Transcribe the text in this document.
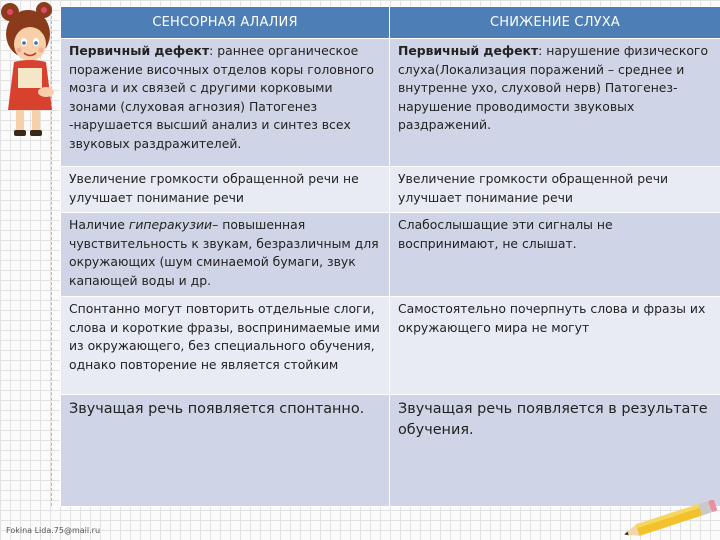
СЕНСОРНАЯ АЛАЛИЯ	СНИЖЕНИЕ СЛУХА
Первичный дефект: раннее органическое поражение височных отделов коры головного мозга и их связей с другими корковыми зонами (слуховая агнозия) Патогенез -нарушается высший анализ и синтез всех звуковых раздражителей.	Первичный дефект: нарушение физического слуха(Локализация поражений – среднее и внутренне ухо, слуховой нерв) Патогенез-нарушение проводимости звуковых раздражений.
Увеличение громкости обращенной речи не улучшает понимание речи	Увеличение громкости обращенной речи улучшает понимание речи
Наличие гиперакузии– повышенная чувствительность к звукам, безразличным для окружающих (шум сминаемой бумаги, звук капающей воды и др.	Слабослышащие эти сигналы не воспринимают, не слышат.
Спонтанно могут повторить отдельные слоги, слова и короткие фразы, воспринимаемые ими из окружающего, без специального обучения, однако повторение не является стойким	Самостоятельно почерпнуть слова и фразы их окружающего мира не могут
Звучащая речь появляется спонтанно.	Звучащая речь появляется в результате обучения.
Fokina Lida.75@mail.ru
